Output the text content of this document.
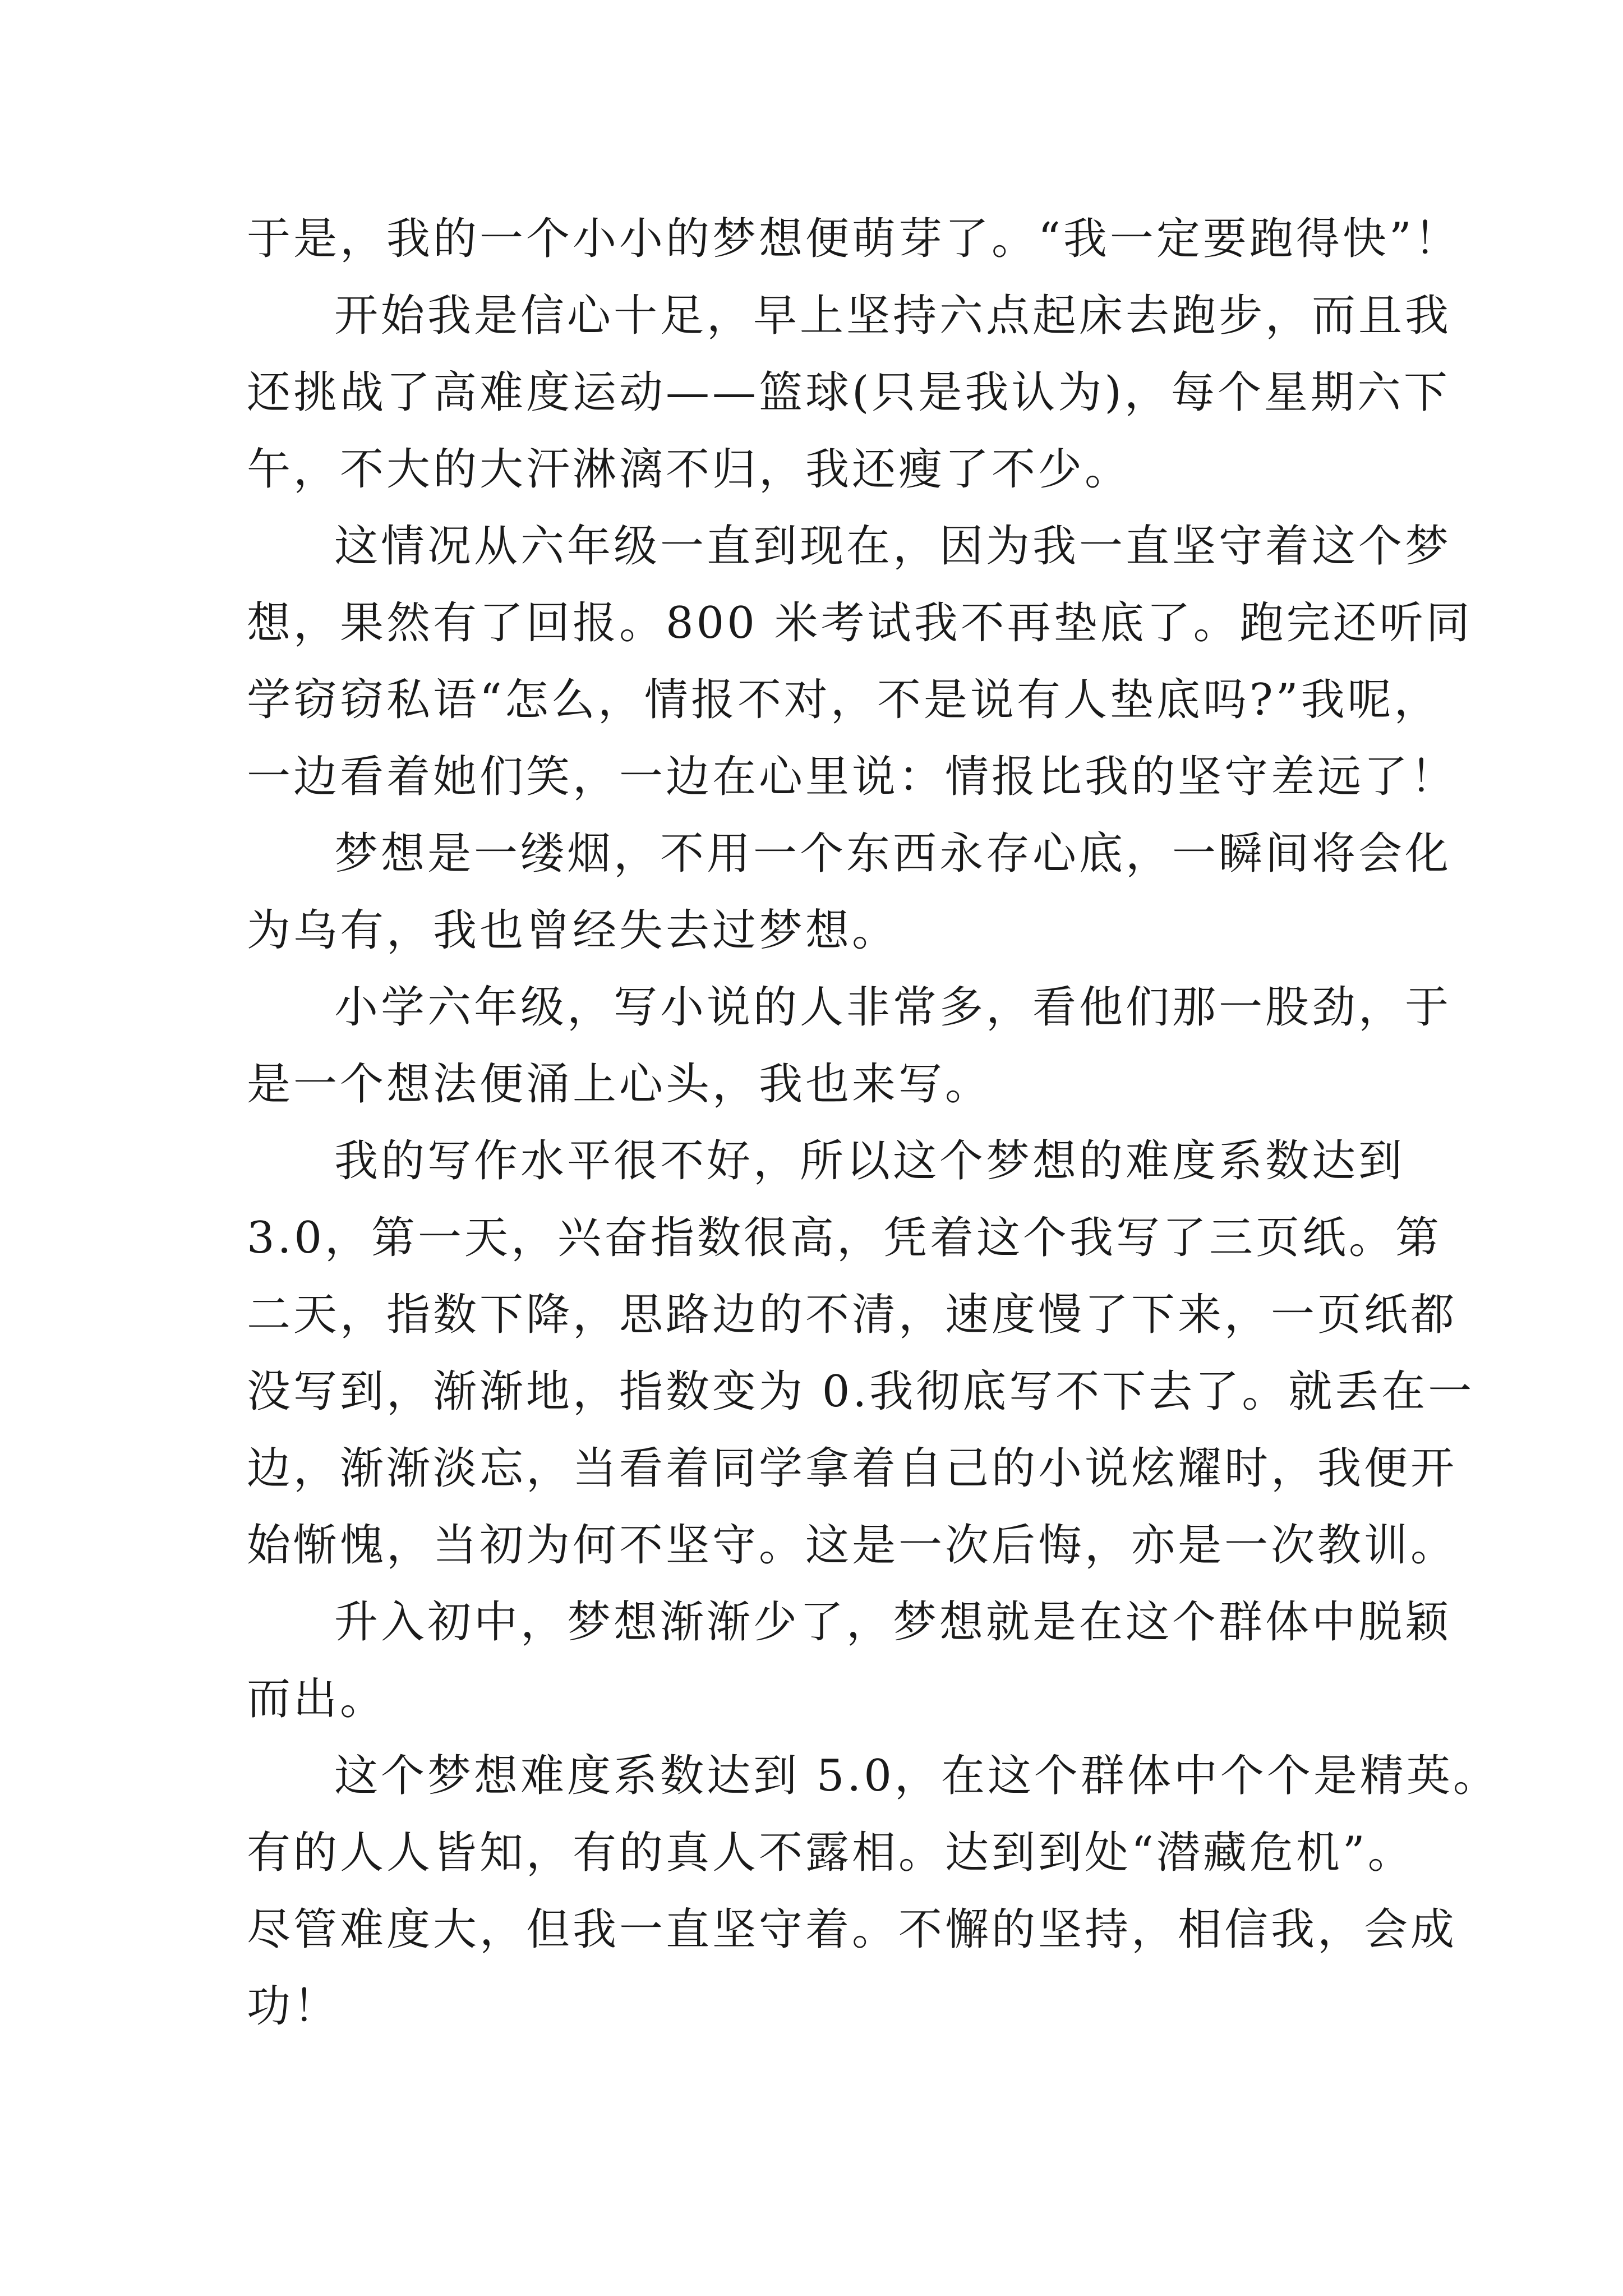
于是，我的一个小小的梦想便萌芽了。“我一定要跑得快”！
开始我是信心十足，早上坚持六点起床去跑步，而且我
还挑战了高难度运动——篮球(只是我认为)，每个星期六下
午，不大的大汗淋漓不归，我还瘦了不少。
这情况从六年级一直到现在，因为我一直坚守着这个梦
想，果然有了回报。800 米考试我不再垫底了。跑完还听同
学窃窃私语“怎么，情报不对，不是说有人垫底吗?”我呢，
一边看着她们笑，一边在心里说：情报比我的坚守差远了！
梦想是一缕烟，不用一个东西永存心底，一瞬间将会化
为乌有，我也曾经失去过梦想。
小学六年级，写小说的人非常多，看他们那一股劲，于
是一个想法便涌上心头，我也来写。
我的写作水平很不好，所以这个梦想的难度系数达到
3.0，第一天，兴奋指数很高，凭着这个我写了三页纸。第
二天，指数下降，思路边的不清，速度慢了下来，一页纸都
没写到，渐渐地，指数变为 0.我彻底写不下去了。就丢在一
边，渐渐淡忘，当看着同学拿着自己的小说炫耀时，我便开
始惭愧，当初为何不坚守。这是一次后悔，亦是一次教训。
升入初中，梦想渐渐少了，梦想就是在这个群体中脱颖
而出。
这个梦想难度系数达到 5.0，在这个群体中个个是精英。
有的人人皆知，有的真人不露相。达到到处“潜藏危机”。
尽管难度大，但我一直坚守着。不懈的坚持，相信我，会成
功！
